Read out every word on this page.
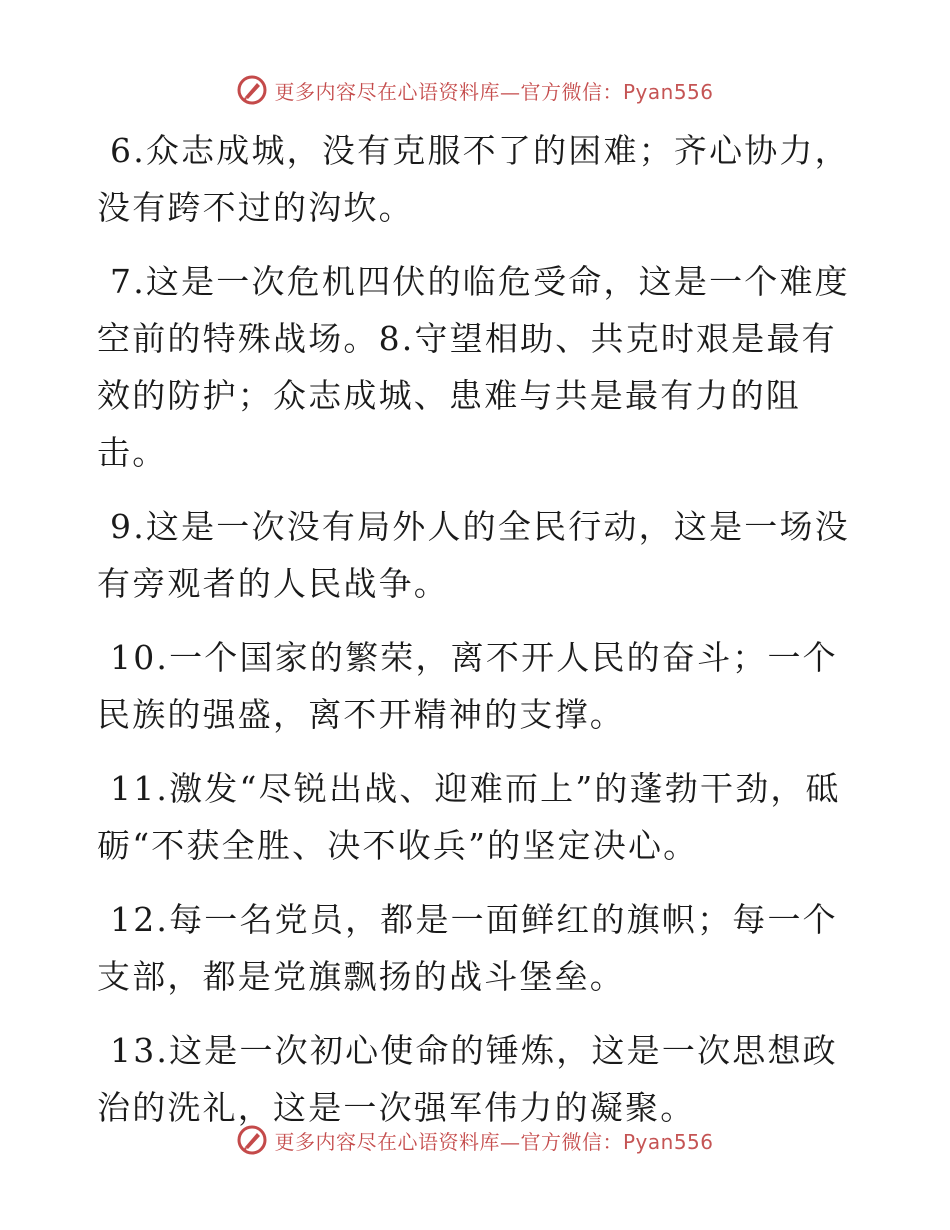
更多内容尽在心语资料库—官方微信：Pyan556

6.众志成城，没有克服不了的困难；齐心协力，没有跨不过的沟坎。

7.这是一次危机四伏的临危受命，这是一个难度空前的特殊战场。8.守望相助、共克时艰是最有效的防护；众志成城、患难与共是最有力的阻击。

9.这是一次没有局外人的全民行动，这是一场没有旁观者的人民战争。

10.一个国家的繁荣，离不开人民的奋斗；一个民族的强盛，离不开精神的支撑。

11.激发“尽锐出战、迎难而上”的蓬勃干劲，砥砺“不获全胜、决不收兵”的坚定决心。

12.每一名党员，都是一面鲜红的旗帜；每一个支部，都是党旗飘扬的战斗堡垒。

13.这是一次初心使命的锤炼，这是一次思想政治的洗礼，这是一次强军伟力的凝聚。

更多内容尽在心语资料库—官方微信：Pyan556
